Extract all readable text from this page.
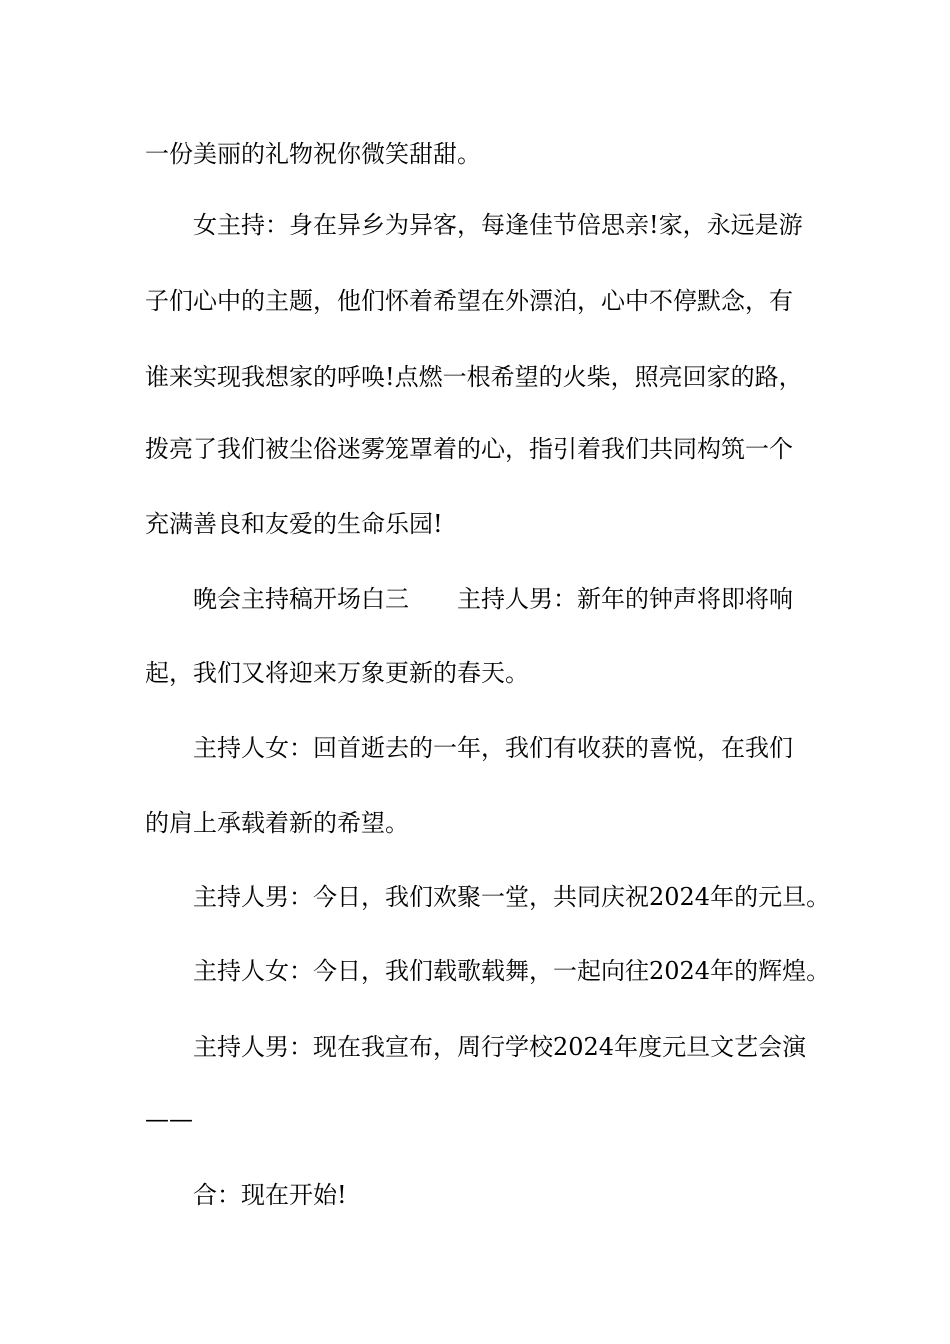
一份美丽的礼物祝你微笑甜甜。
女主持：身在异乡为异客，每逢佳节倍思亲!家，永远是游
子们心中的主题，他们怀着希望在外漂泊，心中不停默念，有
谁来实现我想家的呼唤!点燃一根希望的火柴，照亮回家的路，
拨亮了我们被尘俗迷雾笼罩着的心，指引着我们共同构筑一个
充满善良和友爱的生命乐园!
晚会主持稿开场白三 主持人男：新年的钟声将即将响
起，我们又将迎来万象更新的春天。
主持人女：回首逝去的一年，我们有收获的喜悦，在我们
的肩上承载着新的希望。
主持人男：今日，我们欢聚一堂，共同庆祝2024年的元旦。
主持人女：今日，我们载歌载舞，一起向往2024年的辉煌。
主持人男：现在我宣布，周行学校2024年度元旦文艺会演
——
合：现在开始!
